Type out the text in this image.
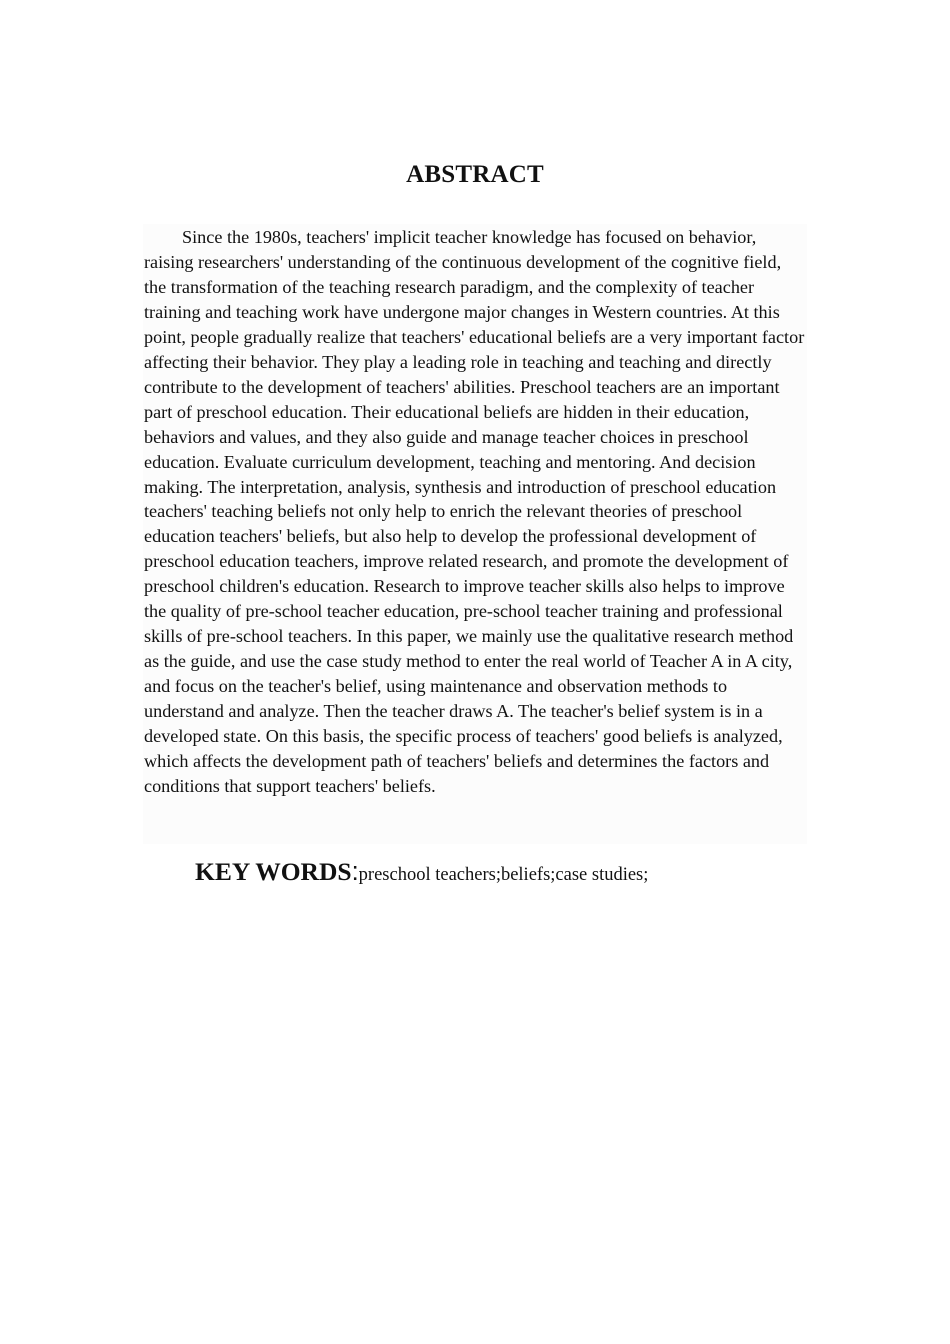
ABSTRACT

Since the 1980s, teachers' implicit teacher knowledge has focused on behavior, raising researchers' understanding of the continuous development of the cognitive field, the transformation of the teaching research paradigm, and the complexity of teacher training and teaching work have undergone major changes in Western countries. At this point, people gradually realize that teachers' educational beliefs are a very important factor affecting their behavior. They play a leading role in teaching and teaching and directly contribute to the development of teachers' abilities. Preschool teachers are an important part of preschool education. Their educational beliefs are hidden in their education, behaviors and values, and they also guide and manage teacher choices in preschool education. Evaluate curriculum development, teaching and mentoring. And decision making. The interpretation, analysis, synthesis and introduction of preschool education teachers' teaching beliefs not only help to enrich the relevant theories of preschool education teachers' beliefs, but also help to develop the professional development of preschool education teachers, improve related research, and promote the development of preschool children's education. Research to improve teacher skills also helps to improve the quality of pre-school teacher education, pre-school teacher training and professional skills of pre-school teachers. In this paper, we mainly use the qualitative research method as the guide, and use the case study method to enter the real world of Teacher A in A city, and focus on the teacher's belief, using maintenance and observation methods to understand and analyze. Then the teacher draws A. The teacher's belief system is in a developed state. On this basis, the specific process of teachers' good beliefs is analyzed, which affects the development path of teachers' beliefs and determines the factors and conditions that support teachers' beliefs.

KEY WORDS:preschool teachers;beliefs;case studies;
